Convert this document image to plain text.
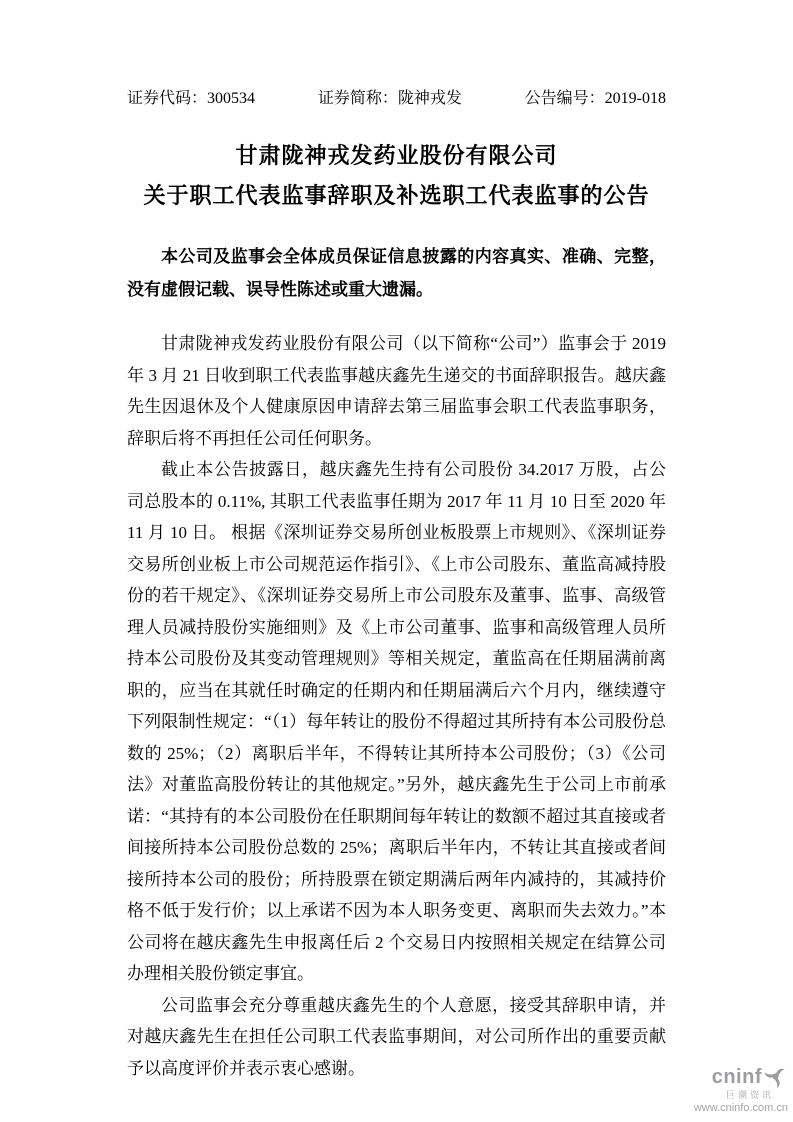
证券代码：300534	证券简称：陇神戎发	公告编号：2019-018
甘肃陇神戎发药业股份有限公司
关于职工代表监事辞职及补选职工代表监事的公告

本公司及监事会全体成员保证信息披露的内容真实、准确、完整，没有虚假记载、误导性陈述或重大遗漏。

甘肃陇神戎发药业股份有限公司（以下简称“公司”）监事会于 2019 年 3 月 21 日收到职工代表监事越庆鑫先生递交的书面辞职报告。越庆鑫先生因退休及个人健康原因申请辞去第三届监事会职工代表监事职务，辞职后将不再担任公司任何职务。

截止本公告披露日，越庆鑫先生持有公司股份 34.2017 万股，占公司总股本的 0.11%, 其职工代表监事任期为 2017 年 11 月 10 日至 2020 年 11 月 10 日。 根据《深圳证券交易所创业板股票上市规则》、《深圳证券交易所创业板上市公司规范运作指引》、《上市公司股东、董监高减持股份的若干规定》、《深圳证券交易所上市公司股东及董事、监事、高级管理人员减持股份实施细则》及《上市公司董事、监事和高级管理人员所持本公司股份及其变动管理规则》等相关规定，董监高在任期届满前离职的，应当在其就任时确定的任期内和任期届满后六个月内，继续遵守下列限制性规定：“（1）每年转让的股份不得超过其所持有本公司股份总数的 25%；（2）离职后半年，不得转让其所持本公司股份；（3）《公司法》对董监高股份转让的其他规定。”另外，越庆鑫先生于公司上市前承诺：“其持有的本公司股份在任职期间每年转让的数额不超过其直接或者间接所持本公司股份总数的 25%；离职后半年内，不转让其直接或者间接所持本公司的股份；所持股票在锁定期满后两年内减持的，其减持价格不低于发行价；以上承诺不因为本人职务变更、离职而失去效力。”本公司将在越庆鑫先生申报离任后 2 个交易日内按照相关规定在结算公司办理相关股份锁定事宜。

公司监事会充分尊重越庆鑫先生的个人意愿，接受其辞职申请，并对越庆鑫先生在担任公司职工代表监事期间，对公司所作出的重要贡献予以高度评价并表示衷心感谢。	cninf
巨潮资讯
www.cninfo.com.cn
